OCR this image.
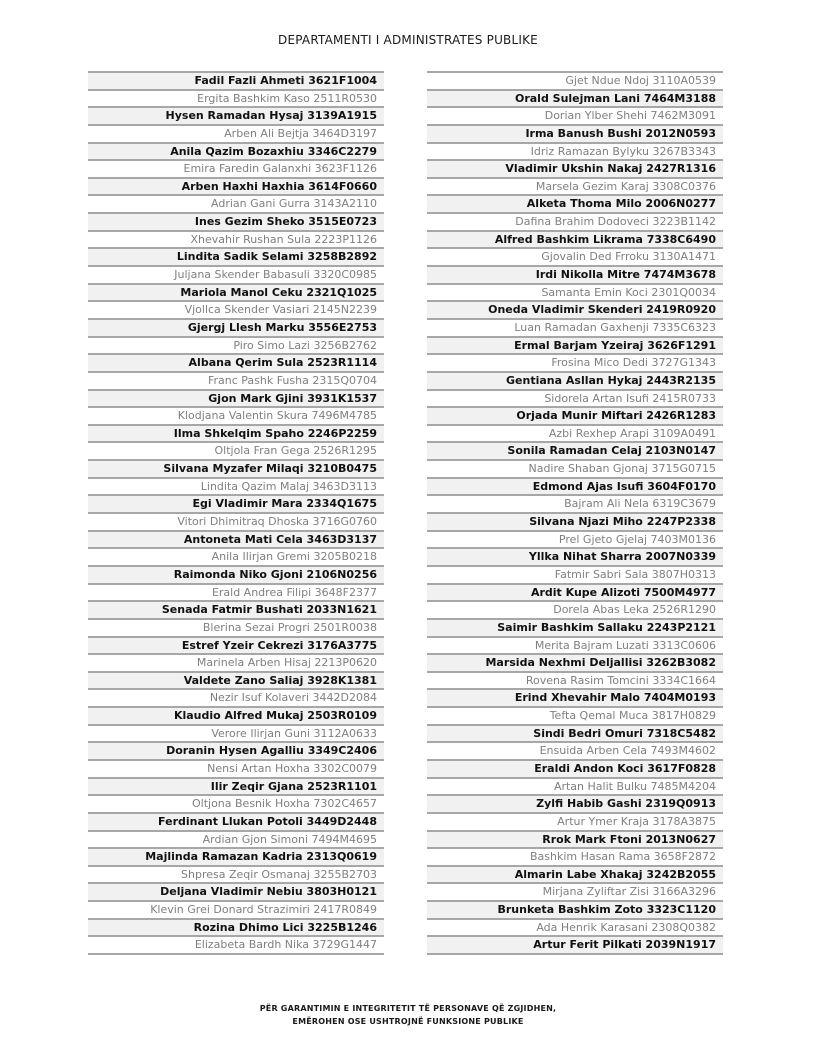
DEPARTAMENTI I ADMINISTRATES PUBLIKE
Fadil Fazli Ahmeti 3621F1004
Ergita Bashkim Kaso 2511R0530
Hysen Ramadan Hysaj 3139A1915
Arben Ali Bejtja 3464D3197
Anila Qazim Bozaxhiu 3346C2279
Emira Faredin Galanxhi 3623F1126
Arben Haxhi Haxhia 3614F0660
Adrian Gani Gurra 3143A2110
Ines Gezim Sheko 3515E0723
Xhevahir Rushan Sula 2223P1126
Lindita Sadik Selami 3258B2892
Juljana Skender Babasuli 3320C0985
Mariola Manol Ceku 2321Q1025
Vjollca Skender Vasiari 2145N2239
Gjergj Llesh Marku 3556E2753
Piro Simo Lazi 3256B2762
Albana Qerim Sula 2523R1114
Franc Pashk Fusha 2315Q0704
Gjon Mark Gjini 3931K1537
Klodjana Valentin Skura 7496M4785
Ilma Shkelqim Spaho 2246P2259
Oltjola Fran Gega 2526R1295
Silvana Myzafer Milaqi 3210B0475
Lindita Qazim Malaj 3463D3113
Egi Vladimir Mara 2334Q1675
Vitori Dhimitraq Dhoska 3716G0760
Antoneta Mati Cela 3463D3137
Anila Ilirjan Gremi 3205B0218
Raimonda Niko Gjoni 2106N0256
Erald Andrea Filipi 3648F2377
Senada Fatmir Bushati 2033N1621
Blerina Sezai Progri 2501R0038
Estref Yzeir Cekrezi 3176A3775
Marinela Arben Hisaj 2213P0620
Valdete Zano Saliaj 3928K1381
Nezir Isuf Kolaveri 3442D2084
Klaudio Alfred Mukaj 2503R0109
Verore Ilirjan Guni 3112A0633
Doranin Hysen Agalliu 3349C2406
Nensi Artan Hoxha 3302C0079
Ilir Zeqir Gjana 2523R1101
Oltjona Besnik Hoxha 7302C4657
Ferdinant Llukan Potoli 3449D2448
Ardian Gjon Simoni 7494M4695
Majlinda Ramazan Kadria 2313Q0619
Shpresa Zeqir Osmanaj 3255B2703
Deljana Vladimir Nebiu 3803H0121
Klevin Grei Donard Strazimiri 2417R0849
Rozina Dhimo Lici 3225B1246
Elizabeta Bardh Nika 3729G1447
Gjet Ndue Ndoj 3110A0539
Orald Sulejman Lani 7464M3188
Dorian Ylber Shehi 7462M3091
Irma Banush Bushi 2012N0593
Idriz Ramazan Bylyku 3267B3343
Vladimir Ukshin Nakaj 2427R1316
Marsela Gezim Karaj 3308C0376
Alketa Thoma Milo 2006N0277
Dafina Brahim Dodoveci 3223B1142
Alfred Bashkim Likrama 7338C6490
Gjovalin Ded Frroku 3130A1471
Irdi Nikolla Mitre 7474M3678
Samanta Emin Koci 2301Q0034
Oneda Vladimir Skenderi 2419R0920
Luan Ramadan Gaxhenji 7335C6323
Ermal Barjam Yzeiraj 3626F1291
Frosina Mico Dedi 3727G1343
Gentiana Asllan Hykaj 2443R2135
Sidorela Artan Isufi 2415R0733
Orjada Munir Miftari 2426R1283
Azbi Rexhep Arapi 3109A0491
Sonila Ramadan Celaj 2103N0147
Nadire Shaban Gjonaj 3715G0715
Edmond Ajas Isufi 3604F0170
Bajram Ali Nela 6319C3679
Silvana Njazi Miho 2247P2338
Prel Gjeto Gjelaj 7403M0136
Yllka Nihat Sharra 2007N0339
Fatmir Sabri Sala 3807H0313
Ardit Kupe Alizoti 7500M4977
Dorela Abas Leka 2526R1290
Saimir Bashkim Sallaku 2243P2121
Merita Bajram Luzati 3313C0606
Marsida Nexhmi Deljallisi 3262B3082
Rovena Rasim Tomcini 3334C1664
Erind Xhevahir Malo 7404M0193
Tefta Qemal Muca 3817H0829
Sindi Bedri Omuri 7318C5482
Ensuida Arben Cela 7493M4602
Eraldi Andon Koci 3617F0828
Artan Halit Bulku 7485M4204
Zylfi Habib Gashi 2319Q0913
Artur Ymer Kraja 3178A3875
Rrok Mark Ftoni 2013N0627
Bashkim Hasan Rama 3658F2872
Almarin Labe Xhakaj 3242B2055
Mirjana Zyliftar Zisi 3166A3296
Brunketa Bashkim Zoto 3323C1120
Ada Henrik Karasani 2308Q0382
Artur Ferit Pilkati 2039N1917
PËR GARANTIMIN E INTEGRITETIT TË PERSONAVE QË ZGJIDHEN,
EMËROHEN OSE USHTROJNË FUNKSIONE PUBLIKE
